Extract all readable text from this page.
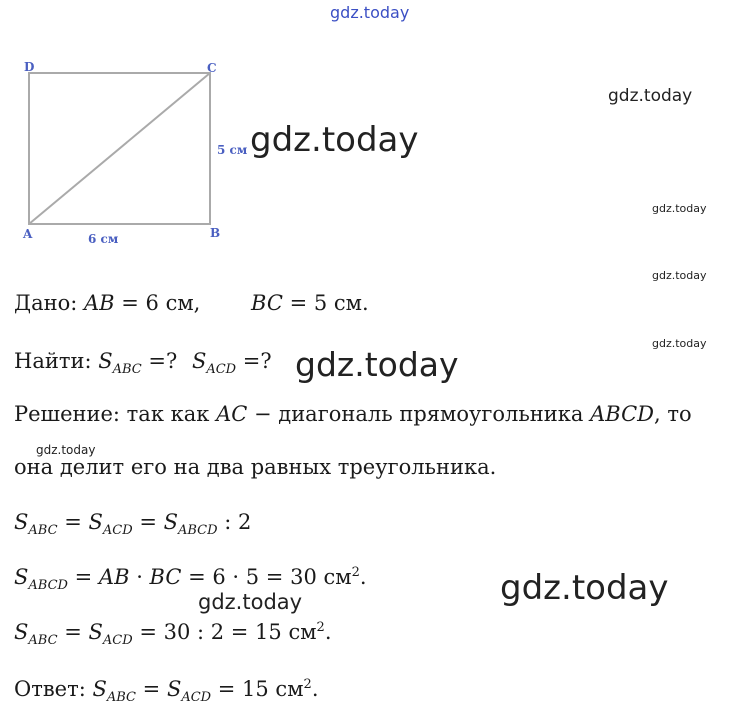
gdz.today
gdz.today
gdz.today
gdz.today
gdz.today
gdz.today
gdz.today
gdz.today
gdz.today
gdz.today
D	C
A	B
6 см
5 см
Дано: AB = 6 см, BC = 5 см.
Найти: $S_{ABC}$ =? $S_{ACD}$ =?
Решение: так как AC − диагональ прямоугольника ABCD, то
она делит его на два равных треугольника.
$S_{ABC} = S_{ACD} = S_{ABCD}$ : 2
$S_{ABCD}$ = AB · BC = 6 · 5 = 30 $см^2$.
$S_{ABC} = S_{ACD} = 30$ : 2 = 15 $см^2$.
Ответ: $S_{ABC} = S_{ACD} = 15$ $см^2$.
